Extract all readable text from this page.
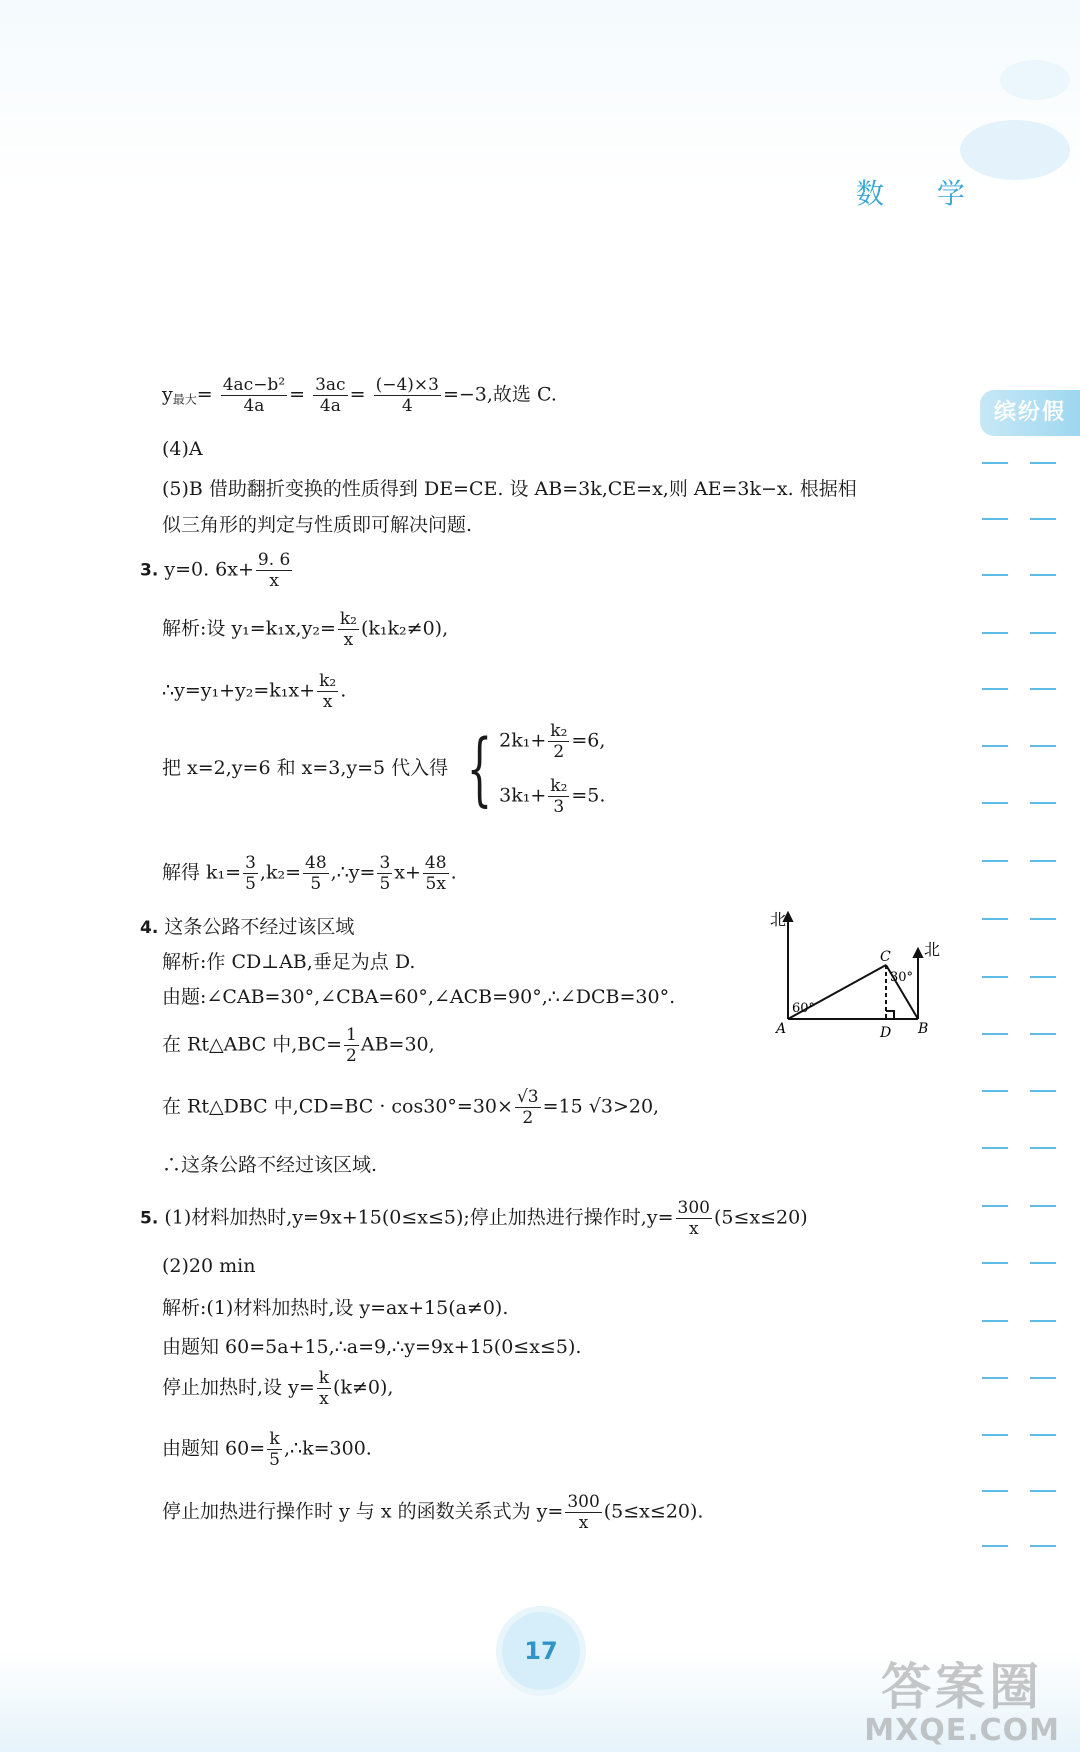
数 学
缤纷假
$y_{最大}= \frac{\text{4ac−b²}}{4a} = \frac{3ac}{4a} = \frac{(-4)\times 3}{4} =-3$,故选 C.
(4)A
(5)B 借助翻折变换的性质得到 DE=CE. 设 AB=3k,CE=x,则 AE=3k−x. 根据相
似三角形的判定与性质即可解决问题.
3. y=0. $6x+ \frac{9. 6}{x}$
解析:设 $y_1=k_1x,y_2= \frac{\text{k₂}}{x} (k_1k_2\ne 0)$,
∴y=y₁+y₂=k₁x+ $\frac{\text{k₂}}{x}$ .
把 x=2,y=6 和 x=3,y=5 代入得 { $2k_1+ \frac{\text{k₂}}{2} =6$,
$3k_1+ \frac{\text{k₂}}{3} =5$.
解得 $k_1= \frac{3}{5} ,k_2= \frac{48}{5}$ ,∴y= $\frac{3}{5} x+ \frac{48}{5x}$ .
4. 这条公路不经过该区域
解析:作 CD⊥AB,垂足为点 D.
由题:∠CAB=30°,∠CBA=60°,∠ACB=90°,∴∠DCB=30°.
在 Rt△ABC 中$,BC= \frac{1}{2} AB=30$,
在 Rt△DBC 中$,CD=BC \cdot \cos 30^\circ=30\times \frac{√3}{2} =15$ √3>20,
∴这条公路不经过该区域.
5. (1)材料加热时,y=9x+15(0≤x≤5);停止加热进行操作时$,y= \frac{300}{x} (5\le x\le 20)$
(2)20 min
解析:(1)材料加热时,设 y=ax+15(a≠0).
由题知 60=5a+15,∴a=9,∴y=9x+15(0≤x≤5).
停止加热时,设 $y= \frac{k}{x} (k\ne 0)$,
由题知 $60= \frac{k}{5}$ ,∴k=300.
停止加热进行操作时 y 与 x 的函数关系式为 $y= \frac{300}{x} (5\le x\le 20)$.
北
北
A	B
C
D
60°
30°
17
答案圈
MXQE.COM
